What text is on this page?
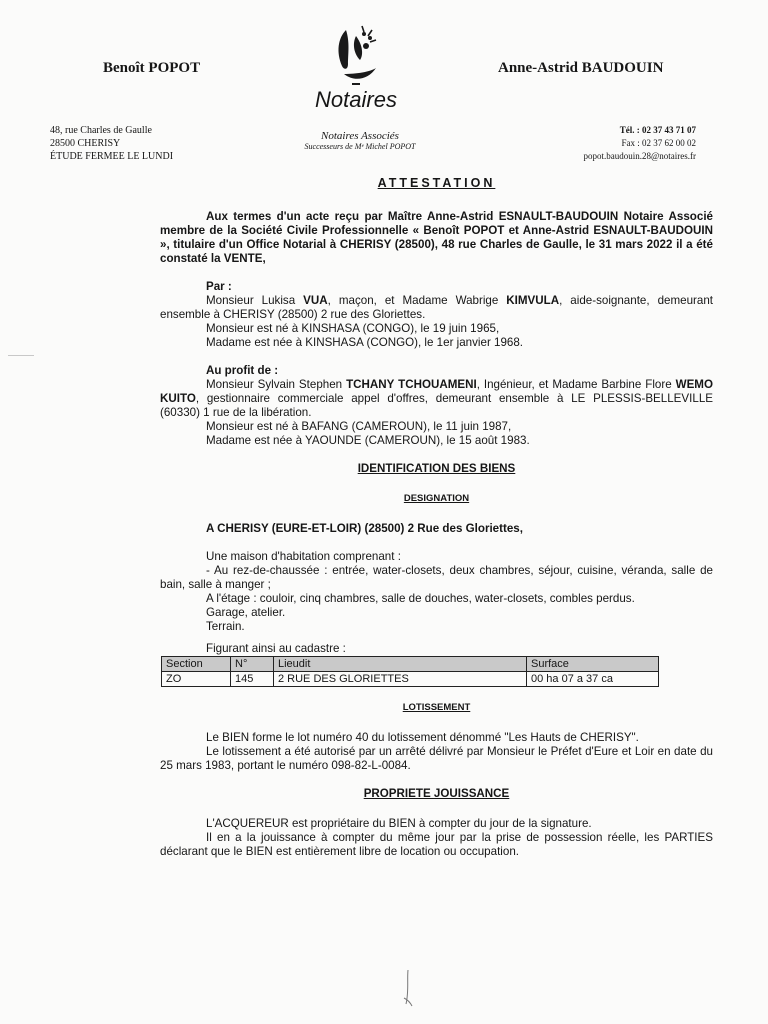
Benoît POPOT	Anne-Astrid BAUDOUIN
Notaires
48, rue Charles de Gaulle
28500 CHERISY
ÉTUDE FERMEE LE LUNDI
Notaires Associés
Successeurs de Mᵉ Michel POPOT
Tél. : 02 37 43 71 07
Fax : 02 37 62 00 02
popot.baudouin.28@notaires.fr
ATTESTATION
Aux termes d'un acte reçu par Maître Anne-Astrid ESNAULT-BAUDOUIN Notaire Associé membre de la Société Civile Professionnelle « Benoît POPOT et Anne-Astrid ESNAULT-BAUDOUIN », titulaire d'un Office Notarial à CHERISY (28500), 48 rue Charles de Gaulle, le 31 mars 2022 il a été constaté la VENTE,
Par :
Monsieur Lukisa VUA, maçon, et Madame Wabrige KIMVULA, aide-soignante, demeurant ensemble à CHERISY (28500) 2 rue des Gloriettes.
Monsieur est né à KINSHASA (CONGO), le 19 juin 1965,
Madame est née à KINSHASA (CONGO), le 1er janvier 1968.
Au profit de :
Monsieur Sylvain Stephen TCHANY TCHOUAMENI, Ingénieur, et Madame Barbine Flore WEMO KUITO, gestionnaire commerciale appel d'offres, demeurant ensemble à LE PLESSIS-BELLEVILLE (60330) 1 rue de la libération.
Monsieur est né à BAFANG (CAMEROUN), le 11 juin 1987,
Madame est née à YAOUNDE (CAMEROUN), le 15 août 1983.
IDENTIFICATION DES BIENS
DESIGNATION
A CHERISY (EURE-ET-LOIR) (28500) 2 Rue des Gloriettes,
Une maison d'habitation comprenant :
- Au rez-de-chaussée : entrée, water-closets, deux chambres, séjour, cuisine, véranda, salle de bain, salle à manger ;
A l'étage : couloir, cinq chambres, salle de douches, water-closets, combles perdus.
Garage, atelier.
Terrain.
Figurant ainsi au cadastre :
Section	N°	Lieudit	Surface
ZO	145	2 RUE DES GLORIETTES	00 ha 07 a 37 ca
LOTISSEMENT
Le BIEN forme le lot numéro 40 du lotissement dénommé "Les Hauts de CHERISY".
Le lotissement a été autorisé par un arrêté délivré par Monsieur le Préfet d'Eure et Loir en date du 25 mars 1983, portant le numéro 098-82-L-0084.
PROPRIETE JOUISSANCE
L'ACQUEREUR est propriétaire du BIEN à compter du jour de la signature.
Il en a la jouissance à compter du même jour par la prise de possession réelle, les PARTIES déclarant que le BIEN est entièrement libre de location ou occupation.
